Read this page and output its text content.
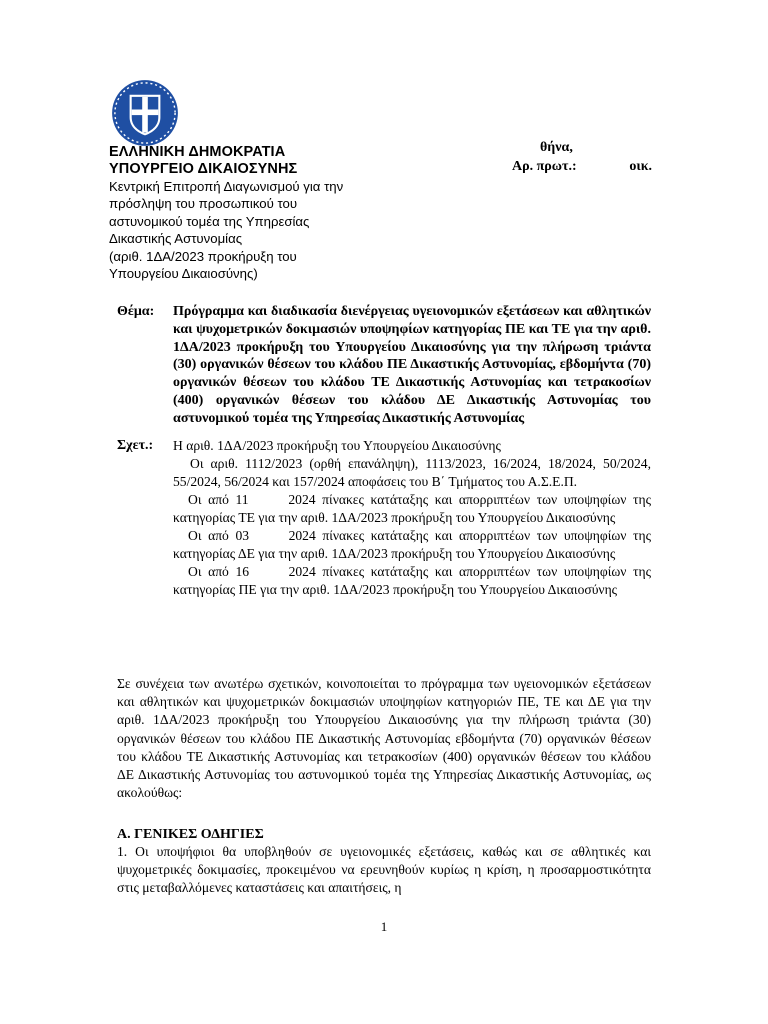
ΕΛΛΗΝΙΚΗ ΔΗΜΟΚΡΑΤΙΑ
ΥΠΟΥΡΓΕΙΟ ΔΙΚΑΙΟΣΥΝΗΣ
Κεντρική Επιτροπή Διαγωνισμού για την
πρόσληψη του προσωπικού του
αστυνομικού τομέα της Υπηρεσίας
Δικαστικής Αστυνομίας
(αριθ. 1ΔΑ/2023 προκήρυξη του
Υπουργείου Δικαιοσύνης)
θήνα,
Αρ. πρωτ.:	οικ.
Θέμα: Πρόγραμμα και διαδικασία διενέργειας υγειονομικών εξετάσεων και αθλητικών και ψυχομετρικών δοκιμασιών υποψηφίων κατηγορίας ΠΕ και ΤΕ για την αριθ. 1ΔΑ/2023 προκήρυξη του Υπουργείου Δικαιοσύνης για την πλήρωση τριάντα (30) οργανικών θέσεων του κλάδου ΠΕ Δικαστικής Αστυνομίας, εβδομήντα (70) οργανικών θέσεων του κλάδου ΤΕ Δικαστικής Αστυνομίας και τετρακοσίων (400) οργανικών θέσεων του κλάδου ΔΕ Δικαστικής Αστυνομίας του αστυνομικού τομέα της Υπηρεσίας Δικαστικής Αστυνομίας

Σχετ.: Η αριθ. 1ΔΑ/2023 προκήρυξη του Υπουργείου Δικαιοσύνης

Οι αριθ. 1112/2023 (ορθή επανάληψη), 1113/2023, 16/2024, 18/2024, 50/2024, 55/2024, 56/2024 και 157/2024 αποφάσεις του Β΄ Τμήματος του Α.Σ.Ε.Π.

Οι από 11      2024 πίνακες κατάταξης και απορριπτέων των υποψηφίων της κατηγορίας ΤΕ για την αριθ. 1ΔΑ/2023 προκήρυξη του Υπουργείου Δικαιοσύνης

Οι από 03      2024 πίνακες κατάταξης και απορριπτέων των υποψηφίων της κατηγορίας ΔΕ για την αριθ. 1ΔΑ/2023 προκήρυξη του Υπουργείου Δικαιοσύνης

Οι από 16      2024 πίνακες κατάταξης και απορριπτέων των υποψηφίων της κατηγορίας ΠΕ για την αριθ. 1ΔΑ/2023 προκήρυξη του Υπουργείου Δικαιοσύνης

Σε συνέχεια των ανωτέρω σχετικών, κοινοποιείται το πρόγραμμα των υγειονομικών εξετάσεων και αθλητικών και ψυχομετρικών δοκιμασιών υποψηφίων κατηγοριών ΠΕ, ΤΕ και ΔΕ για την αριθ. 1ΔΑ/2023 προκήρυξη του Υπουργείου Δικαιοσύνης για την πλήρωση τριάντα (30) οργανικών θέσεων του κλάδου ΠΕ Δικαστικής Αστυνομίας εβδομήντα (70) οργανικών θέσεων του κλάδου ΤΕ Δικαστικής Αστυνομίας και τετρακοσίων (400) οργανικών θέσεων του κλάδου ΔΕ Δικαστικής Αστυνομίας του αστυνομικού τομέα της Υπηρεσίας Δικαστικής Αστυνομίας, ως ακολούθως:

Α. ΓΕΝΙΚΕΣ ΟΔΗΓΙΕΣ

1. Οι υποψήφιοι θα υποβληθούν σε υγειονομικές εξετάσεις, καθώς και σε αθλητικές και ψυχομετρικές δοκιμασίες, προκειμένου να ερευνηθούν κυρίως η κρίση, η προσαρμοστικότητα στις μεταβαλλόμενες καταστάσεις και απαιτήσεις, η

1
